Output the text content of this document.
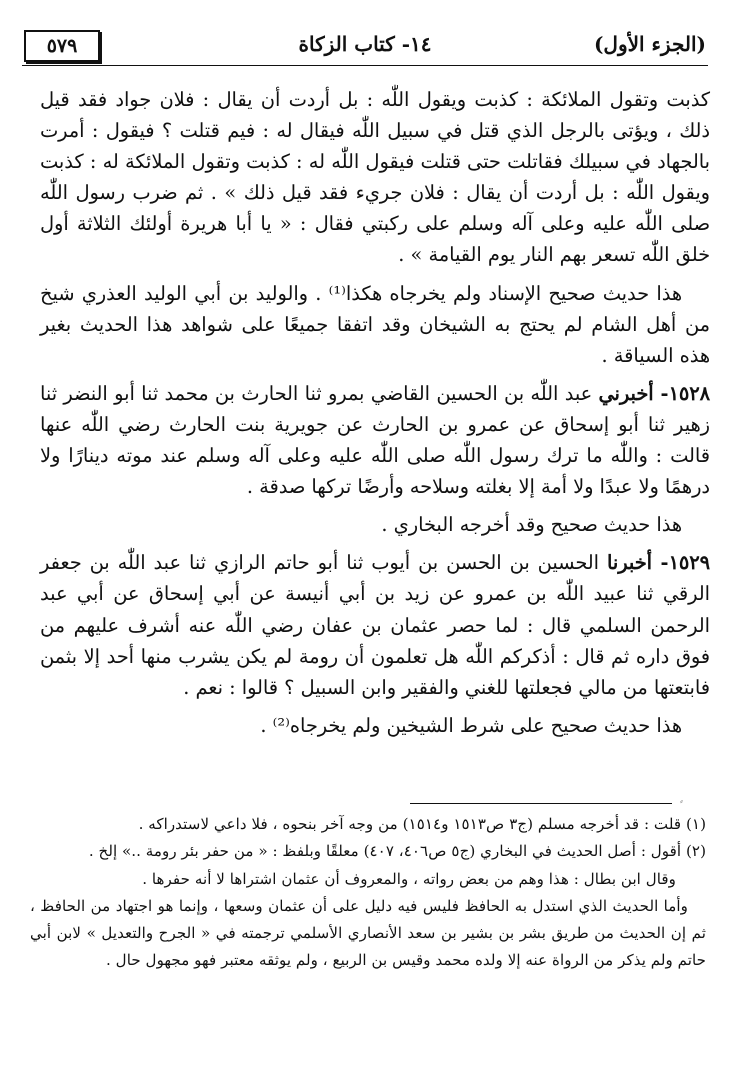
(الجزء الأول)
١٤- كتاب الزكاة
٥٧٩

كذبت وتقول الملائكة : كذبت ويقول اللّٰه : بل أردت أن يقال : فلان جواد فقد قيل ذلك ، ويؤتى بالرجل الذي قتل في سبيل اللّٰه فيقال له : فيم قتلت ؟ فيقول : أمرت بالجهاد في سبيلك فقاتلت حتى قتلت فيقول اللّٰه له : كذبت وتقول الملائكة له : كذبت ويقول اللّٰه : بل أردت أن يقال : فلان جريء فقد قيل ذلك » . ثم ضرب رسول اللّٰه صلى اللّٰه عليه وعلى آله وسلم على ركبتي فقال : « يا أبا هريرة أولئك الثلاثة أول خلق اللّٰه تسعر بهم النار يوم القيامة » .

هذا حديث صحيح الإسناد ولم يخرجاه هكذا⁽¹⁾ . والوليد بن أبي الوليد العذري شيخ من أهل الشام لم يحتج به الشيخان وقد اتفقا جميعًا على شواهد هذا الحديث بغير هذه السياقة .

١٥٢٨- أخبرني عبد اللّٰه بن الحسين القاضي بمرو ثنا الحارث بن محمد ثنا أبو النضر ثنا زهير ثنا أبو إسحاق عن عمرو بن الحارث عن جويرية بنت الحارث رضي اللّٰه عنها قالت : واللّٰه ما ترك رسول اللّٰه صلى اللّٰه عليه وعلى آله وسلم عند موته دينارًا ولا درهمًا ولا عبدًا ولا أمة إلا بغلته وسلاحه وأرضًا تركها صدقة .

هذا حديث صحيح وقد أخرجه البخاري .

١٥٢٩- أخبرنا الحسين بن الحسن بن أيوب ثنا أبو حاتم الرازي ثنا عبد اللّٰه بن جعفر الرقي ثنا عبيد اللّٰه بن عمرو عن زيد بن أبي أنيسة عن أبي إسحاق عن أبي عبد الرحمن السلمي قال : لما حصر عثمان بن عفان رضي اللّٰه عنه أشرف عليهم من فوق داره ثم قال : أذكركم اللّٰه هل تعلمون أن رومة لم يكن يشرب منها أحد إلا بثمن فابتعتها من مالي فجعلتها للغني والفقير وابن السبيل ؟ قالوا : نعم .

هذا حديث صحيح على شرط الشيخين ولم يخرجاه⁽²⁾ .

⸗

(١) قلت : قد أخرجه مسلم (ج٣ ص١٥١٣ و١٥١٤) من وجه آخر بنحوه ، فلا داعي لاستدراكه .

(٢) أقول : أصل الحديث في البخاري (ج٥ ص٤٠٦، ٤٠٧) معلقًا وبلفظ : « من حفر بئر رومة ..» إلخ .

وقال ابن بطال : هذا وهم من بعض رواته ، والمعروف أن عثمان اشتراها لا أنه حفرها .

وأما الحديث الذي استدل به الحافظ فليس فيه دليل على أن عثمان وسعها ، وإنما هو اجتهاد من الحافظ ، ثم إن الحديث من طريق بشر بن بشير بن سعد الأنصاري الأسلمي ترجمته في « الجرح والتعديل » لابن أبي حاتم ولم يذكر من الرواة عنه إلا ولده محمد وقيس بن الربيع ، ولم يوثقه معتبر فهو مجهول حال .
